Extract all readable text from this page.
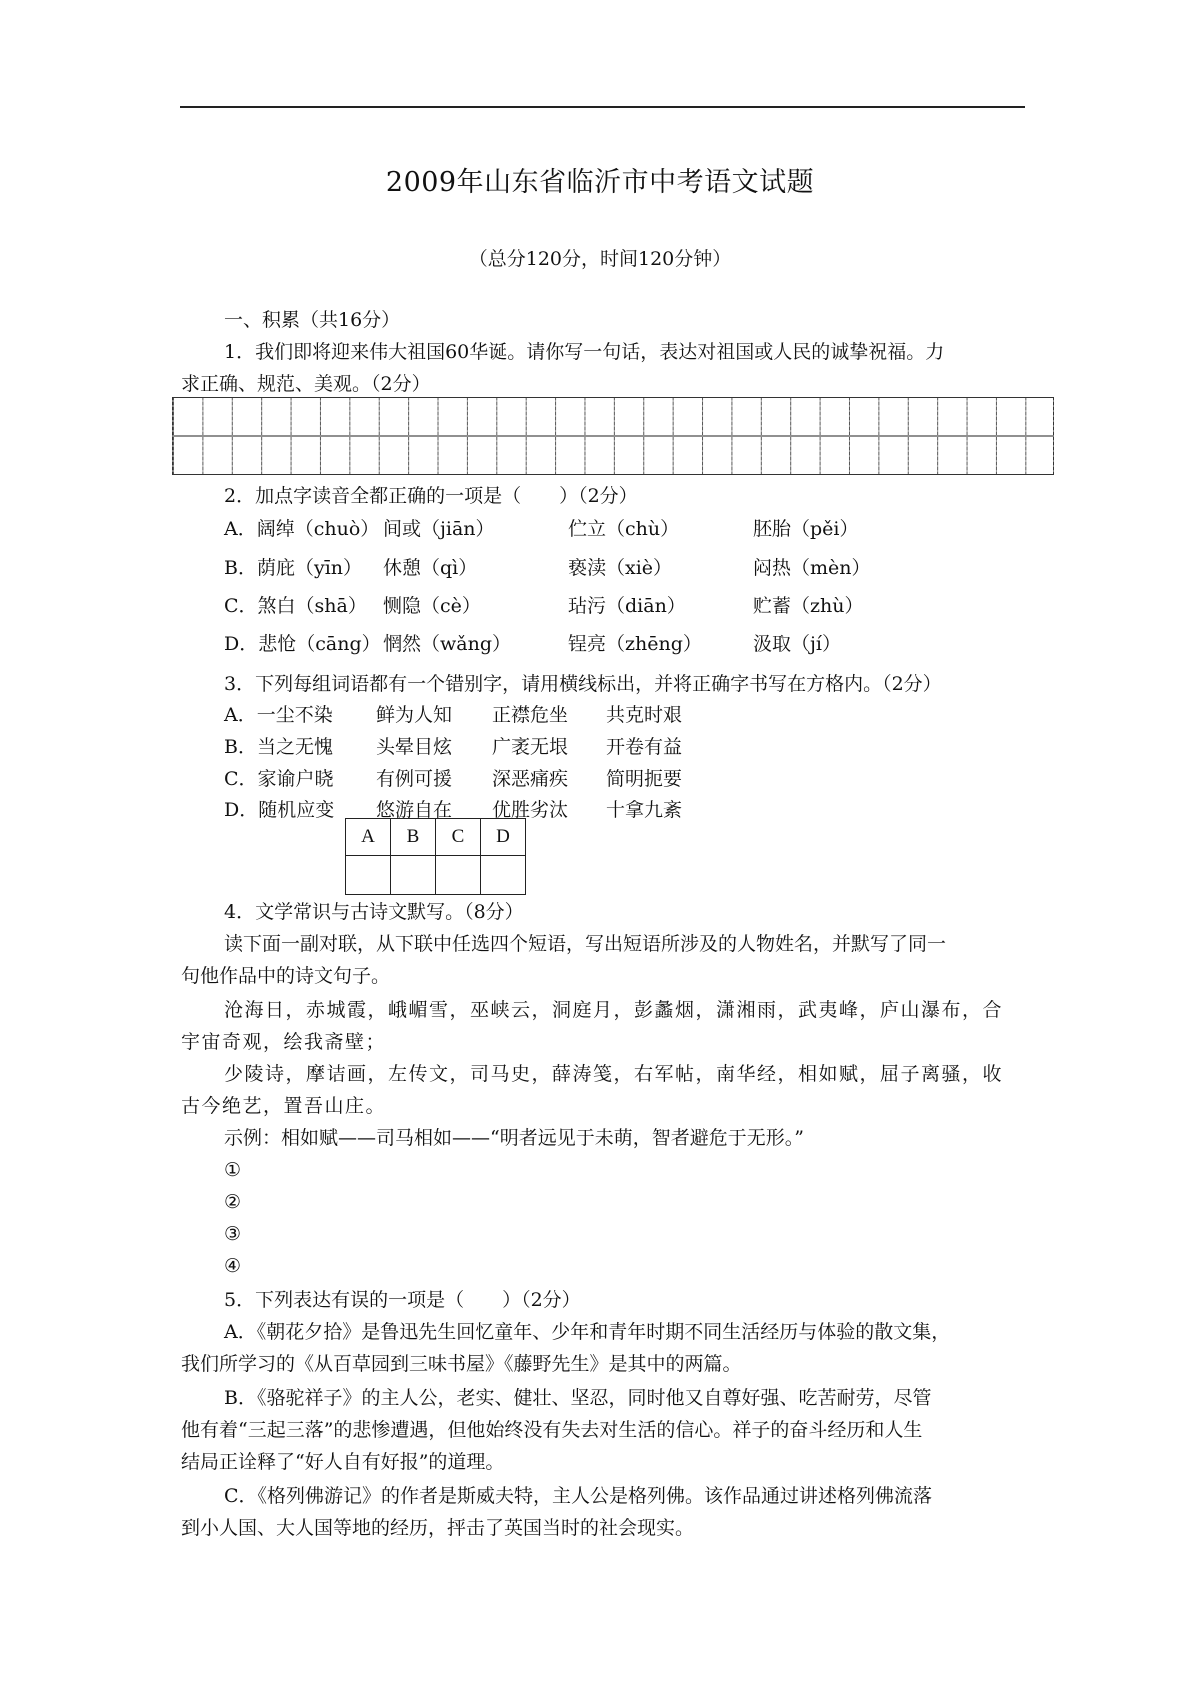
2009年山东省临沂市中考语文试题
（总分120分，时间120分钟）
一、积累（共16分）
1．我们即将迎来伟大祖国60华诞。请你写一句话，表达对祖国或人民的诚挚祝福。力
求正确、规范、美观。（2分）
2．加点字读音全都正确的一项是（　　）（2分）
A．阔绰（chuò） 间或（jiān）	伫立（chù）	胚胎（pěi）
B．荫庇（yīn） 休憩（qì）	亵渎（xiè）	闷热（mèn）
C．煞白（shā） 恻隐（cè）	玷污（diān）	贮蓄（zhù）
D．悲怆（cāng） 惘然（wǎng）	锃亮（zhēng）	汲取（jí）
3．下列每组词语都有一个错别字，请用横线标出，并将正确字书写在方格内。（2分）
A．一尘不染 鲜为人知 正襟危坐 共克时艰
B．当之无愧 头晕目炫 广袤无垠 开卷有益
C．家谕户晓 有例可援 深恶痛疾 简明扼要
D．随机应变 悠游自在 优胜劣汰 十拿九紊
A	B	C	D

4．文学常识与古诗文默写。（8分）
读下面一副对联，从下联中任选四个短语，写出短语所涉及的人物姓名，并默写了同一
句他作品中的诗文句子。
沧海日，赤城霞，峨嵋雪，巫峡云，洞庭月，彭蠡烟，潇湘雨，武夷峰，庐山瀑布，合
宇宙奇观，绘我斋壁；
少陵诗，摩诘画，左传文，司马史，薛涛笺，右军帖，南华经，相如赋，屈子离骚，收
古今绝艺，置吾山庄。
示例：相如赋——司马相如——“明者远见于未萌，智者避危于无形。”
①
②
③
④
5．下列表达有误的一项是（　　）（2分）
A．《朝花夕拾》是鲁迅先生回忆童年、少年和青年时期不同生活经历与体验的散文集，
我们所学习的《从百草园到三味书屋》《藤野先生》是其中的两篇。
B．《骆驼祥子》的主人公，老实、健壮、坚忍，同时他又自尊好强、吃苦耐劳，尽管
他有着“三起三落”的悲惨遭遇，但他始终没有失去对生活的信心。祥子的奋斗经历和人生
结局正诠释了“好人自有好报”的道理。
C．《格列佛游记》的作者是斯威夫特，主人公是格列佛。该作品通过讲述格列佛流落
到小人国、大人国等地的经历，抨击了英国当时的社会现实。
